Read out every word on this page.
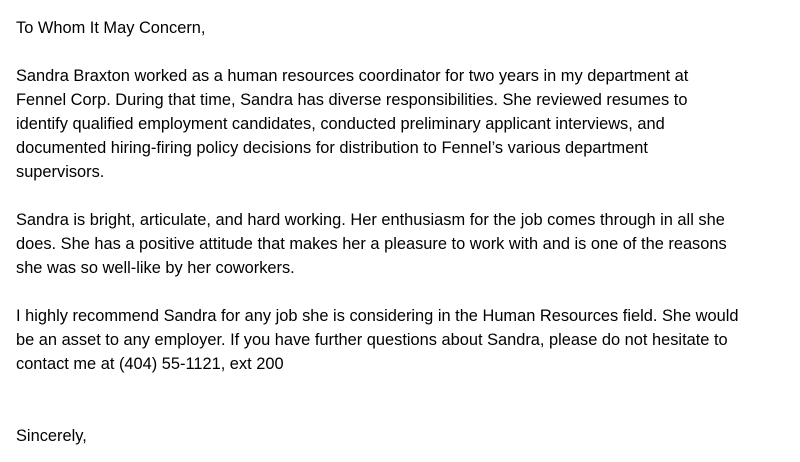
To Whom It May Concern,

Sandra Braxton worked as a human resources coordinator for two years in my department at
Fennel Corp. During that time, Sandra has diverse responsibilities. She reviewed resumes to
identify qualified employment candidates, conducted preliminary applicant interviews, and
documented hiring-firing policy decisions for distribution to Fennel’s various department
supervisors.

Sandra is bright, articulate, and hard working. Her enthusiasm for the job comes through in all she
does. She has a positive attitude that makes her a pleasure to work with and is one of the reasons
she was so well-like by her coworkers.

I highly recommend Sandra for any job she is considering in the Human Resources field. She would
be an asset to any employer. If you have further questions about Sandra, please do not hesitate to
contact me at (404) 55-1121, ext 200

Sincerely,
